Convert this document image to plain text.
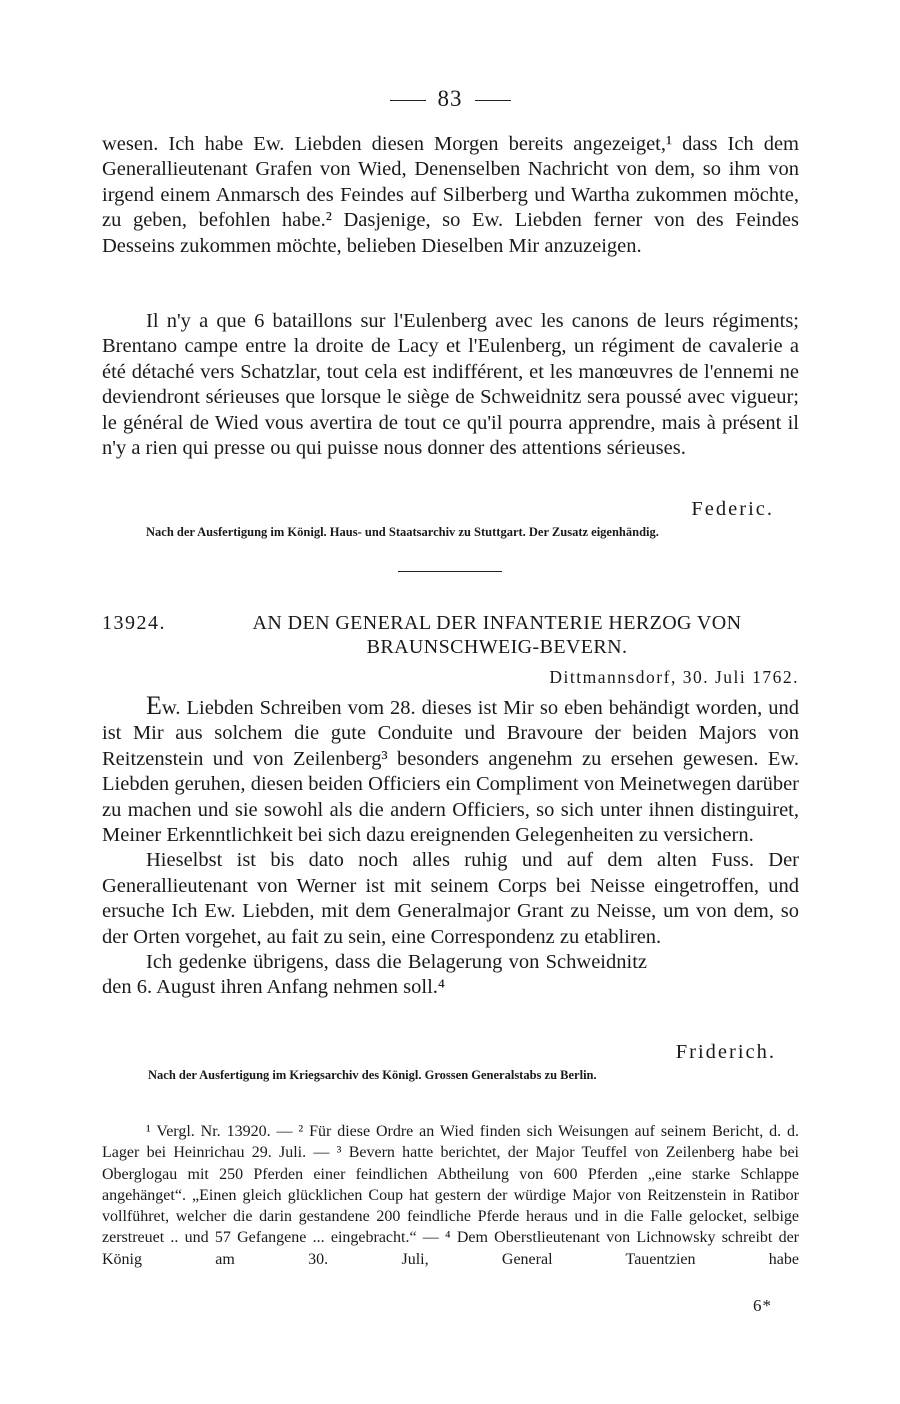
83

wesen. Ich habe Ew. Liebden diesen Morgen bereits angezeiget,¹ dass Ich dem Generallieutenant Grafen von Wied, Denenselben Nachricht von dem, so ihm von irgend einem Anmarsch des Feindes auf Silberberg und Wartha zukommen möchte, zu geben, befohlen habe.² Dasjenige, so Ew. Liebden ferner von des Feindes Desseins zukommen möchte, belieben Dieselben Mir anzuzeigen.

Il n'y a que 6 bataillons sur l'Eulenberg avec les canons de leurs régiments; Brentano campe entre la droite de Lacy et l'Eulenberg, un régiment de cavalerie a été détaché vers Schatzlar, tout cela est indifférent, et les manœuvres de l'ennemi ne deviendront sérieuses que lorsque le siège de Schweidnitz sera poussé avec vigueur; le général de Wied vous avertira de tout ce qu'il pourra apprendre, mais à présent il n'y a rien qui presse ou qui puisse nous donner des attentions sérieuses.

Federic.

Nach der Ausfertigung im Königl. Haus- und Staatsarchiv zu Stuttgart. Der Zusatz eigenhändig.

13924.	AN DEN GENERAL DER INFANTERIE HERZOG VON
BRAUNSCHWEIG-BEVERN.
Dittmannsdorf, 30. Juli 1762.

Ew. Liebden Schreiben vom 28. dieses ist Mir so eben behändigt worden, und ist Mir aus solchem die gute Conduite und Bravoure der beiden Majors von Reitzenstein und von Zeilenberg³ besonders angenehm zu ersehen gewesen. Ew. Liebden geruhen, diesen beiden Officiers ein Compliment von Meinetwegen darüber zu machen und sie sowohl als die andern Officiers, so sich unter ihnen distinguiret, Meiner Erkenntlichkeit bei sich dazu ereignenden Gelegenheiten zu versichern.

Hieselbst ist bis dato noch alles ruhig und auf dem alten Fuss. Der Generallieutenant von Werner ist mit seinem Corps bei Neisse eingetroffen, und ersuche Ich Ew. Liebden, mit dem Generalmajor Grant zu Neisse, um von dem, so der Orten vorgehet, au fait zu sein, eine Correspondenz zu etabliren.

Ich gedenke übrigens, dass die Belagerung von Schweidnitz den 6. August ihren Anfang nehmen soll.⁴

Friderich.

Nach der Ausfertigung im Kriegsarchiv des Königl. Grossen Generalstabs zu Berlin.

¹ Vergl. Nr. 13920. — ² Für diese Ordre an Wied finden sich Weisungen auf seinem Bericht, d. d. Lager bei Heinrichau 29. Juli. — ³ Bevern hatte berichtet, der Major Teuffel von Zeilenberg habe bei Oberglogau mit 250 Pferden einer feindlichen Abtheilung von 600 Pferden „eine starke Schlappe angehänget“. „Einen gleich glücklichen Coup hat gestern der würdige Major von Reitzenstein in Ratibor vollführet, welcher die darin gestandene 200 feindliche Pferde heraus und in die Falle gelocket, selbige zerstreuet .. und 57 Gefangene ... eingebracht.“ — ⁴ Dem Oberstlieutenant von Lichnowsky schreibt der König am 30. Juli, General Tauentzien habe

6*
